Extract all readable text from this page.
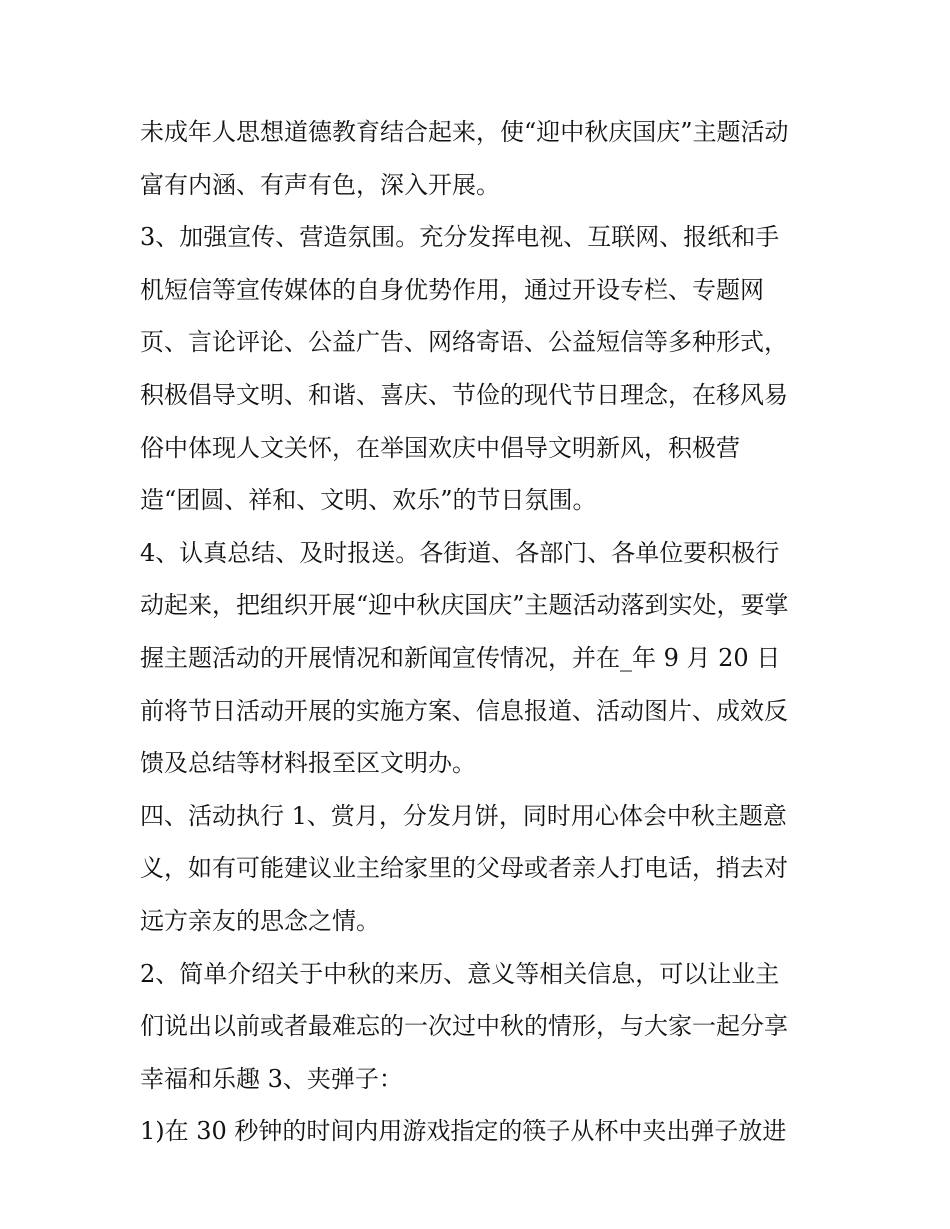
未成年人思想道德教育结合起来，使“迎中秋庆国庆”主题活动
富有内涵、有声有色，深入开展。
3、加强宣传、营造氛围。充分发挥电视、互联网、报纸和手
机短信等宣传媒体的自身优势作用，通过开设专栏、专题网
页、言论评论、公益广告、网络寄语、公益短信等多种形式，
积极倡导文明、和谐、喜庆、节俭的现代节日理念，在移风易
俗中体现人文关怀，在举国欢庆中倡导文明新风，积极营
造“团圆、祥和、文明、欢乐”的节日氛围。
4、认真总结、及时报送。各街道、各部门、各单位要积极行
动起来，把组织开展“迎中秋庆国庆”主题活动落到实处，要掌
握主题活动的开展情况和新闻宣传情况，并在_年 9 月 20 日
前将节日活动开展的实施方案、信息报道、活动图片、成效反
馈及总结等材料报至区文明办。
四、活动执行 1、赏月，分发月饼，同时用心体会中秋主题意
义，如有可能建议业主给家里的父母或者亲人打电话，捎去对
远方亲友的思念之情。
2、简单介绍关于中秋的来历、意义等相关信息，可以让业主
们说出以前或者最难忘的一次过中秋的情形，与大家一起分享
幸福和乐趣 3、夹弹子：
1)在 30 秒钟的时间内用游戏指定的筷子从杯中夹出弹子放进
